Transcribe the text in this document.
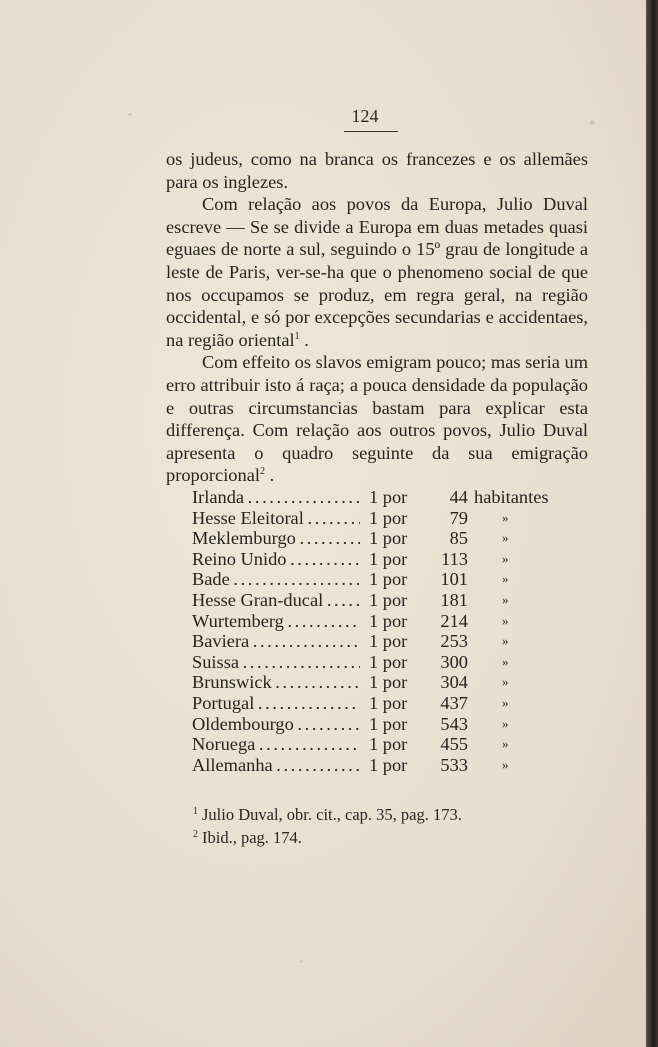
124

os judeus, como na branca os francezes e os allemães para os inglezes.

Com relação aos povos da Europa, Julio Duval escreve — Se se divide a Europa em duas metades quasi eguaes de norte a sul, seguindo o 15º grau de longitude a leste de Paris, ver-se-ha que o phenomeno social de que nos occupamos se produz, em regra geral, na região occidental, e só por excepções secundarias e accidentaes, na região oriental$^1$ .

Com effeito os slavos emigram pouco; mas seria um erro attribuir isto á raça; a pouca densidade da população e outras circumstancias bastam para explicar esta differença. Com relação aos outros povos, Julio Duval apresenta o quadro seguinte da sua emigração proporcional$^2$ .

Irlanda . . .	1 por	44 habitantes
Hesse Eleitoral . . .	1 por	79	»
Meklemburgo . . .	1 por	85	»
Reino Unido . . .	1 por	113	»
Bade . . .	1 por	101	»
Hesse Gran-ducal . . .	1 por	181	»
Wurtemberg . . .	1 por	214	»
Baviera . . .	1 por	253	»
Suissa . . .	1 por	300	»
Brunswick . . .	1 por	304	»
Portugal . . .	1 por	437	»
Oldembourgo . . .	1 por	543	»
Noruega . . .	1 por	455	»
Allemanha . . .	1 por	533	»
$^1$ Julio Duval, obr. cit., cap. 35, pag. 173.
$^2$ Ibid., pag. 174.
